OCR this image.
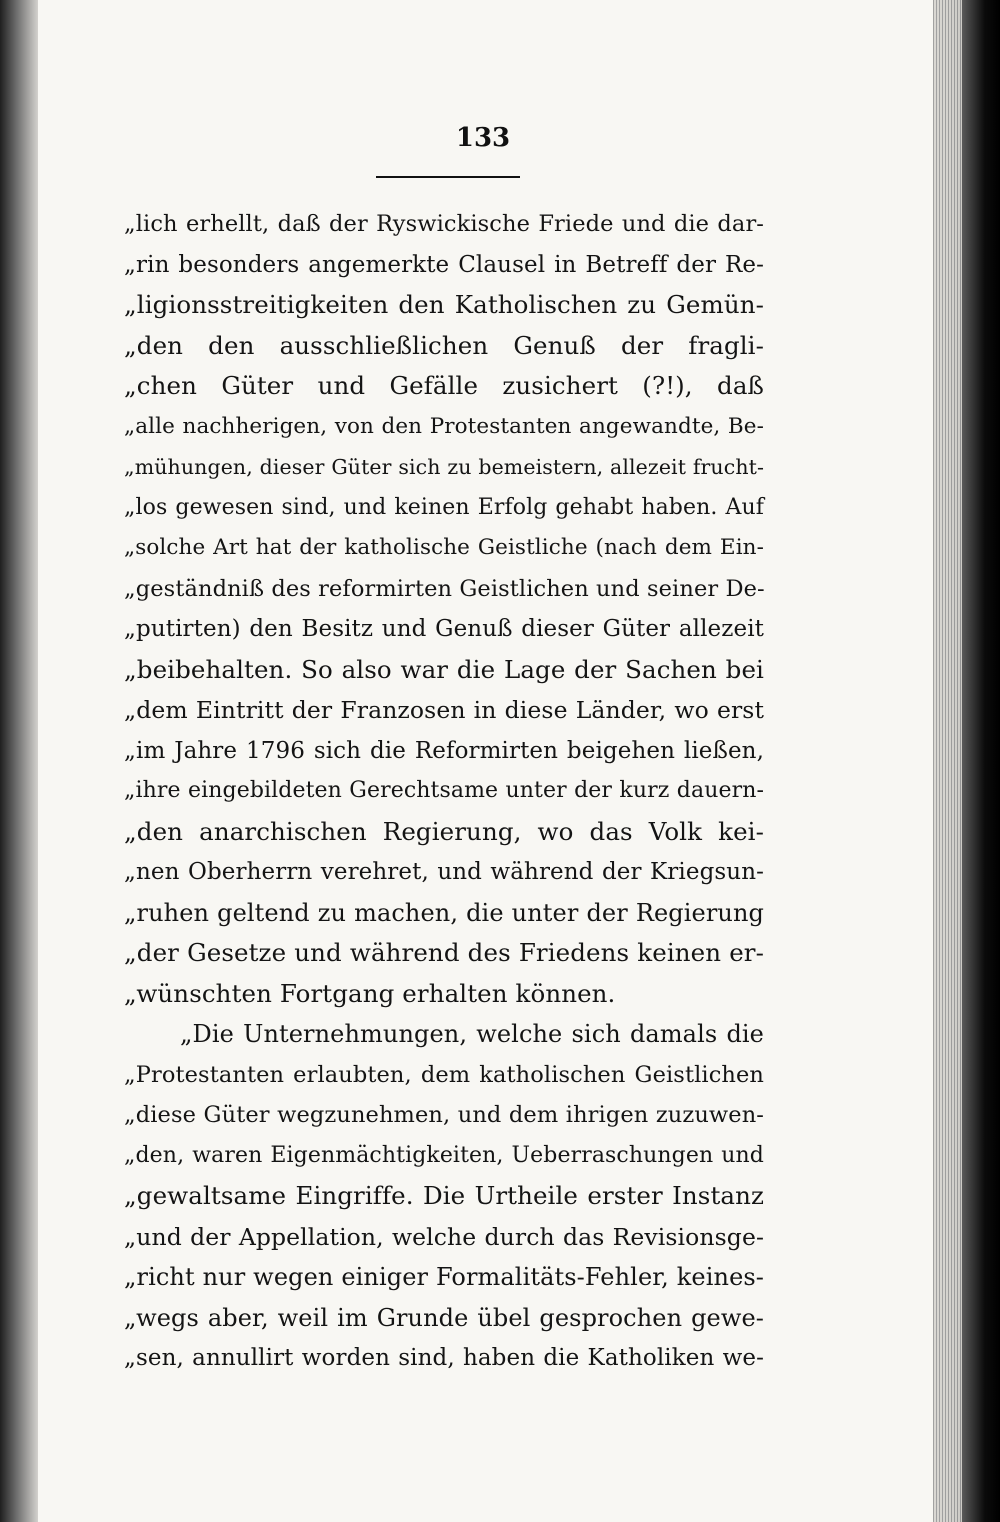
133
„lich erhellt, daß der Ryswickische Friede und die dar-
„rin besonders angemerkte Clausel in Betreff der Re-
„ligionsstreitigkeiten den Katholischen zu Gemün-
„den den ausschließlichen Genuß der fragli-
„chen Güter und Gefälle zusichert (?!), daß
„alle nachherigen, von den Protestanten angewandte, Be-
„mühungen, dieser Güter sich zu bemeistern, allezeit frucht-
„los gewesen sind, und keinen Erfolg gehabt haben. Auf
„solche Art hat der katholische Geistliche (nach dem Ein-
„geständniß des reformirten Geistlichen und seiner De-
„putirten) den Besitz und Genuß dieser Güter allezeit
„beibehalten. So also war die Lage der Sachen bei
„dem Eintritt der Franzosen in diese Länder, wo erst
„im Jahre 1796 sich die Reformirten beigehen ließen,
„ihre eingebildeten Gerechtsame unter der kurz dauern-
„den anarchischen Regierung, wo das Volk kei-
„nen Oberherrn verehret, und während der Kriegsun-
„ruhen geltend zu machen, die unter der Regierung
„der Gesetze und während des Friedens keinen er-
„wünschten Fortgang erhalten können.
„Die Unternehmungen, welche sich damals die
„Protestanten erlaubten, dem katholischen Geistlichen
„diese Güter wegzunehmen, und dem ihrigen zuzuwen-
„den, waren Eigenmächtigkeiten, Ueberraschungen und
„gewaltsame Eingriffe. Die Urtheile erster Instanz
„und der Appellation, welche durch das Revisionsge-
„richt nur wegen einiger Formalitäts-Fehler, keines-
„wegs aber, weil im Grunde übel gesprochen gewe-
„sen, annullirt worden sind, haben die Katholiken we-
